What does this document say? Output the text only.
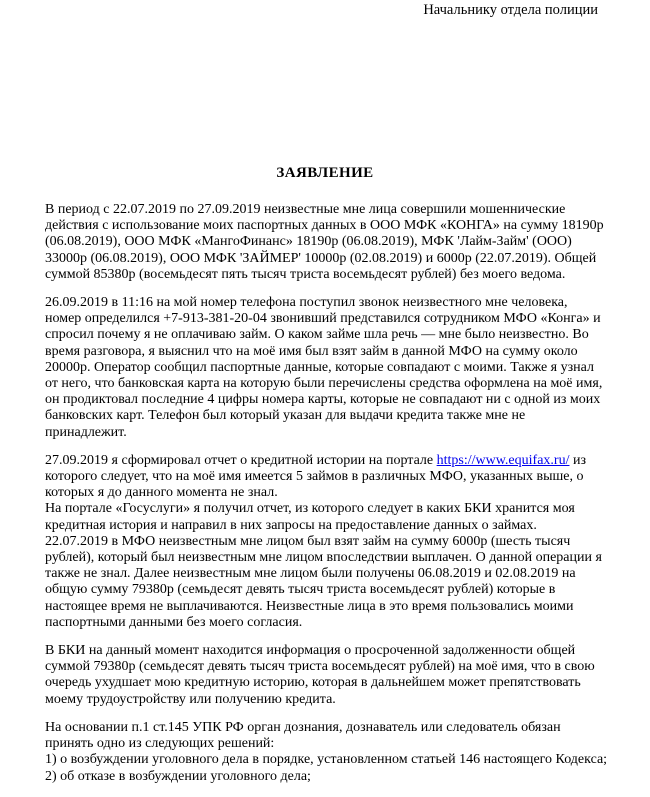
Начальнику отдела полиции
ЗАЯВЛЕНИЕ
В период с 22.07.2019 по 27.09.2019 неизвестные мне лица совершили мошеннические
действия с использование моих паспортных данных в ООО МФК «КОНГА» на сумму 18190р
(06.08.2019), ООО МФК «МангоФинанс» 18190р (06.08.2019), МФК 'Лайм-Займ' (ООО)
33000р (06.08.2019), ООО МФК 'ЗАЙМЕР' 10000р (02.08.2019) и 6000р (22.07.2019). Общей
суммой 85380р (восемьдесят пять тысяч триста восемьдесят рублей) без моего ведома.
26.09.2019 в 11:16 на мой номер телефона поступил звонок неизвестного мне человека,
номер определился +7-913-381-20-04 звонивший представился сотрудником МФО «Конга» и
спросил почему я не оплачиваю займ. О каком займе шла речь — мне было неизвестно. Во
время разговора, я выяснил что на моё имя был взят займ в данной МФО на сумму около
20000р. Оператор сообщил паспортные данные, которые совпадают с моими. Также я узнал
от него, что банковская карта на которую были перечислены средства оформлена на моё имя,
он продиктовал последние 4 цифры номера карты, которые не совпадают ни с одной из моих
банковских карт. Телефон был который указан для выдачи кредита также мне не
принадлежит.
27.09.2019 я сформировал отчет о кредитной истории на портале https://www.equifax.ru/ из
которого следует, что на моё имя имеется 5 займов в различных МФО, указанных выше, о
которых я до данного момента не знал.
На портале «Госуслуги» я получил отчет, из которого следует в каких БКИ хранится моя
кредитная история и направил в них запросы на предоставление данных о займах.
22.07.2019 в МФО неизвестным мне лицом был взят займ на сумму 6000р (шесть тысяч
рублей), который был неизвестным мне лицом впоследствии выплачен. О данной операции я
также не знал. Далее неизвестным мне лицом были получены 06.08.2019 и 02.08.2019 на
общую сумму 79380р (семьдесят девять тысяч триста восемьдесят рублей) которые в
настоящее время не выплачиваются. Неизвестные лица в это время пользовались моими
паспортными данными без моего согласия.
В БКИ на данный момент находится информация о просроченной задолженности общей
суммой 79380р (семьдесят девять тысяч триста восемьдесят рублей) на моё имя, что в свою
очередь ухудшает мою кредитную историю, которая в дальнейшем может препятствовать
моему трудоустройству или получению кредита.
На основании п.1 ст.145 УПК РФ орган дознания, дознаватель или следователь обязан
принять одно из следующих решений:
1) о возбуждении уголовного дела в порядке, установленном статьей 146 настоящего Кодекса;
2) об отказе в возбуждении уголовного дела;
